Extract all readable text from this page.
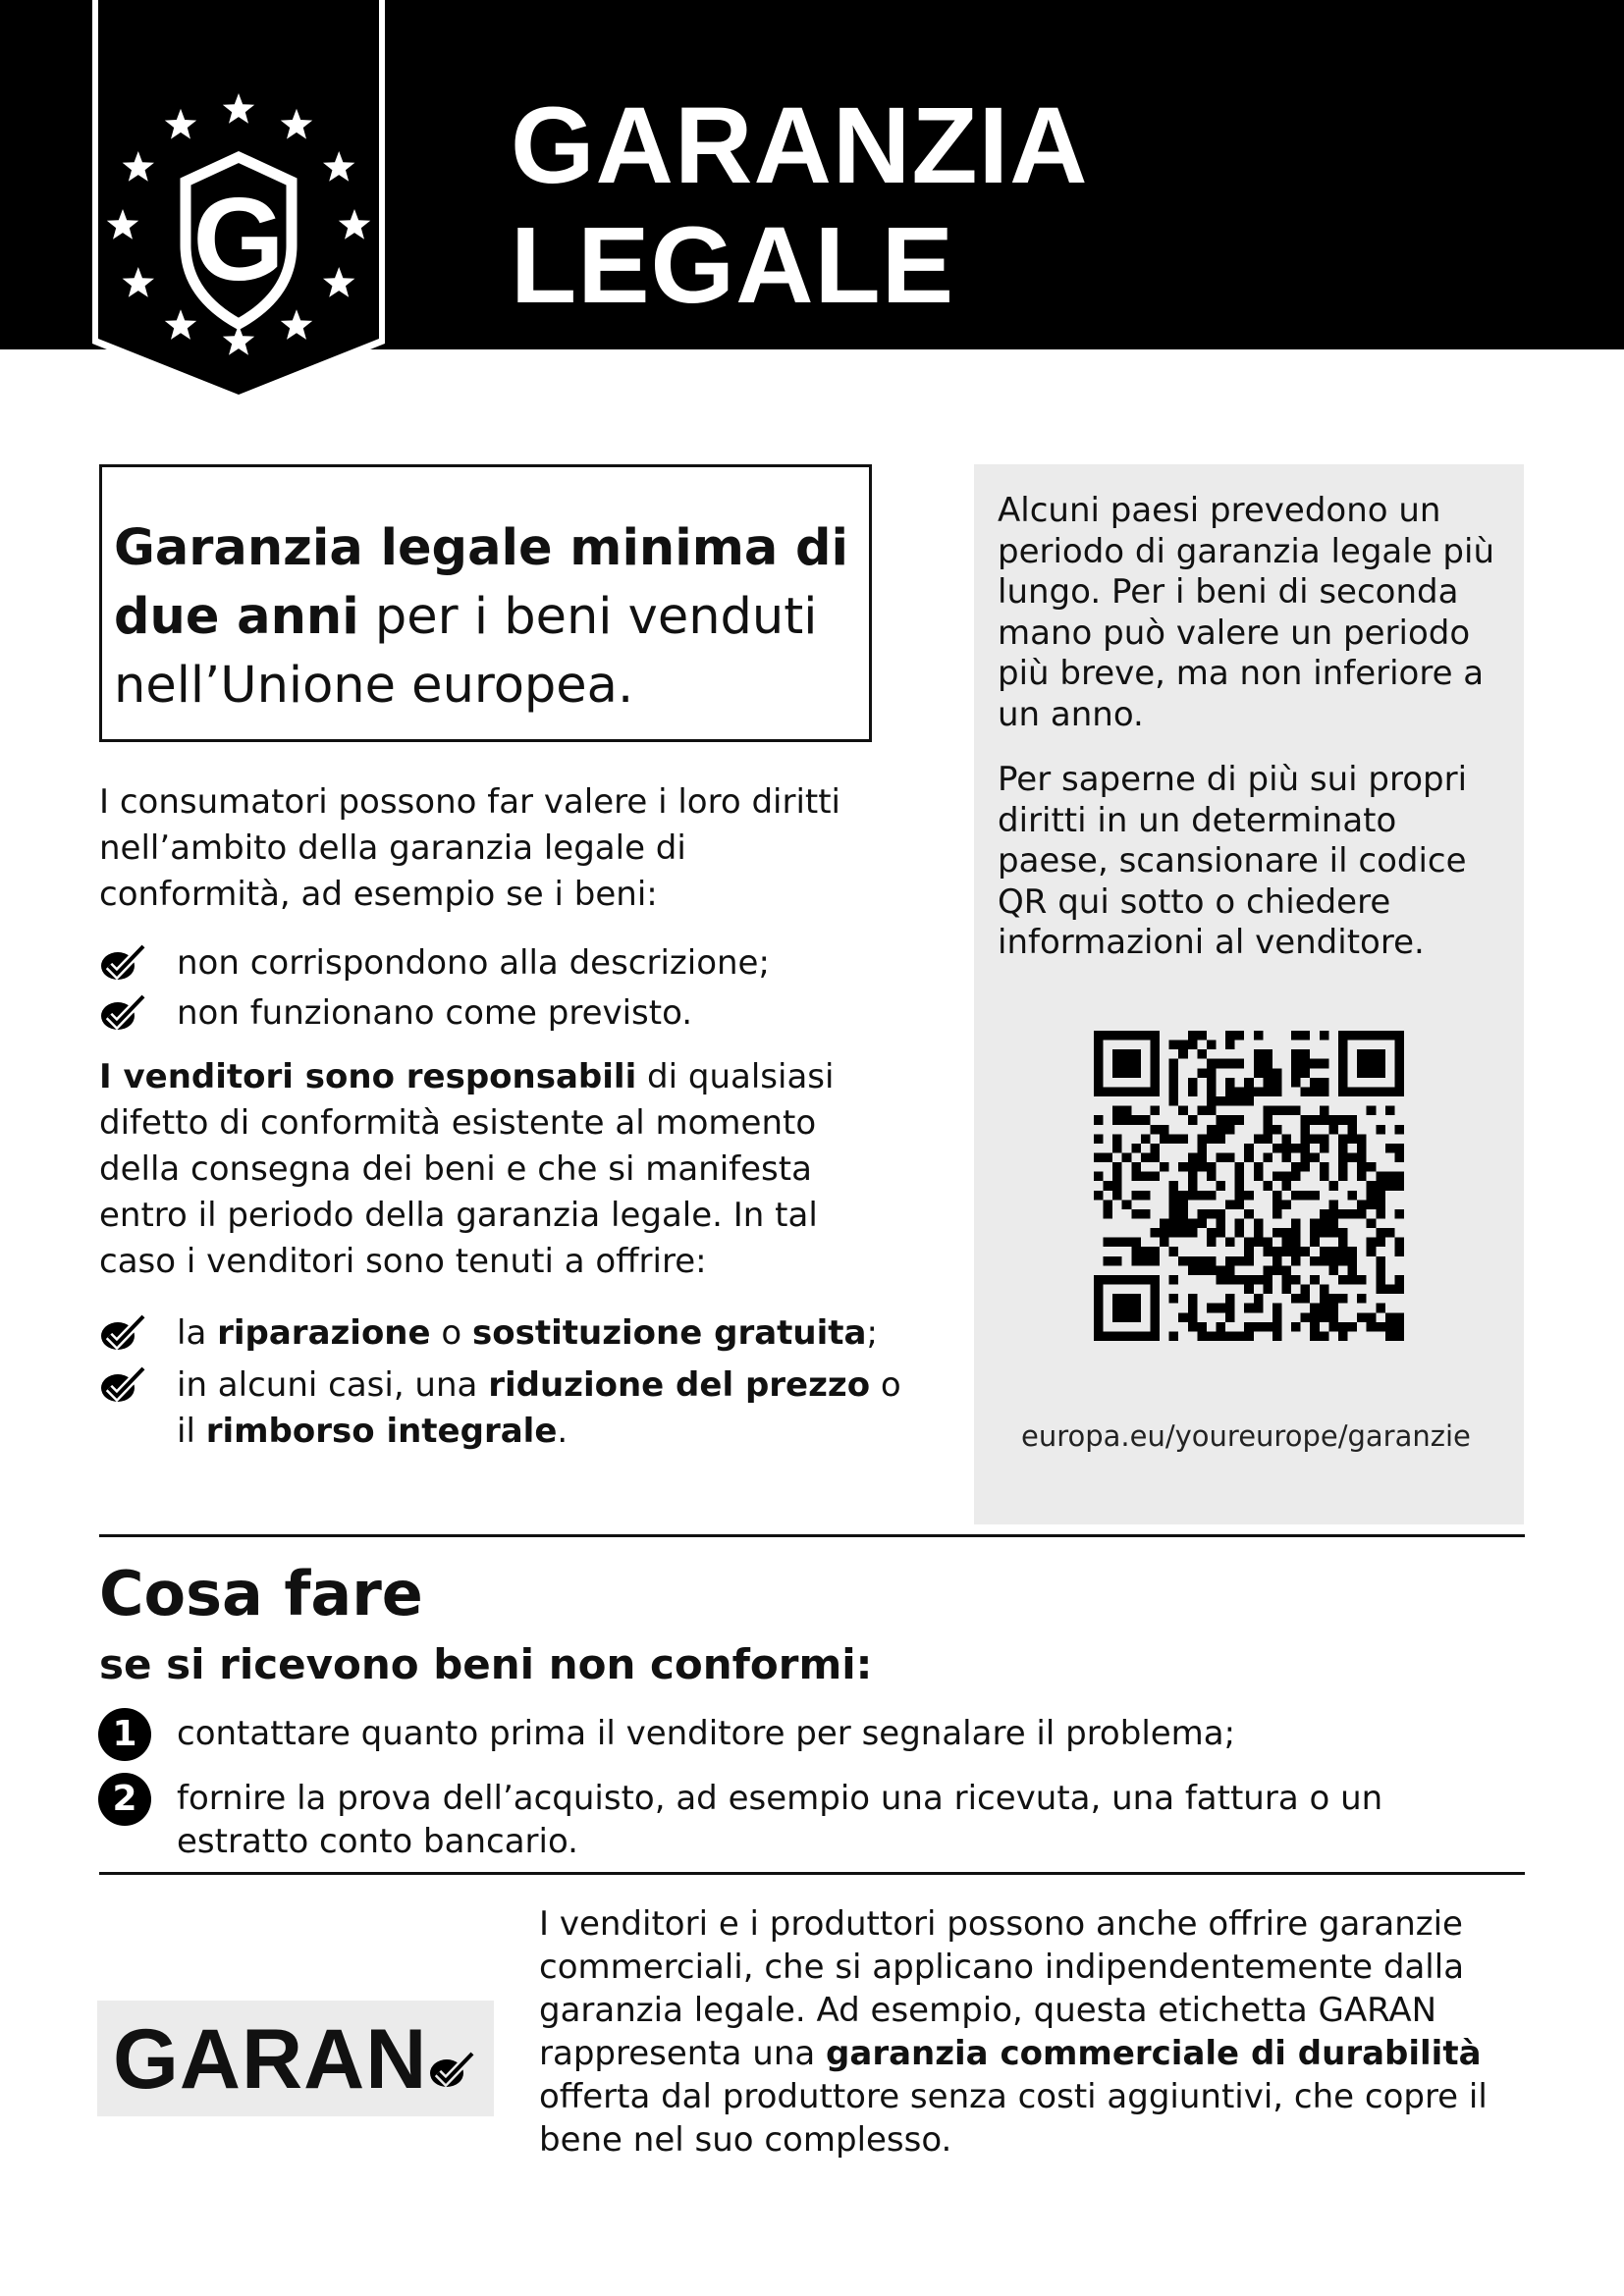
G
GARANZIA
LEGALE
Garanzia legale minima di due anni per i beni venduti nell’Unione europea.
I consumatori possono far valere i loro diritti nell’ambito della garanzia legale di conformità, ad esempio se i beni:
non corrispondono alla descrizione;
non funzionano come previsto.
I venditori sono responsabili di qualsiasi difetto di conformità esistente al momento della consegna dei beni e che si manifesta entro il periodo della garanzia legale. In tal caso i venditori sono tenuti a offrire:
la riparazione o sostituzione gratuita;
in alcuni casi, una riduzione del prezzo o il rimborso integrale.
Alcuni paesi prevedono un periodo di garanzia legale più lungo. Per i beni di seconda mano può valere un periodo più breve, ma non inferiore a un anno.
Per saperne di più sui propri diritti in un determinato paese, scansionare il codice QR qui sotto o chiedere informazioni al venditore.
europa.eu/youreurope/garanzie
Cosa fare
se si ricevono beni non conformi:
1	contattare quanto prima il venditore per segnalare il problema;
2	fornire la prova dell’acquisto, ad esempio una ricevuta, una fattura o un estratto conto bancario.
GARAN
I venditori e i produttori possono anche offrire garanzie commerciali, che si applicano indipendentemente dalla garanzia legale. Ad esempio, questa etichetta GARAN rappresenta una garanzia commerciale di durabilità offerta dal produttore senza costi aggiuntivi, che copre il bene nel suo complesso.
